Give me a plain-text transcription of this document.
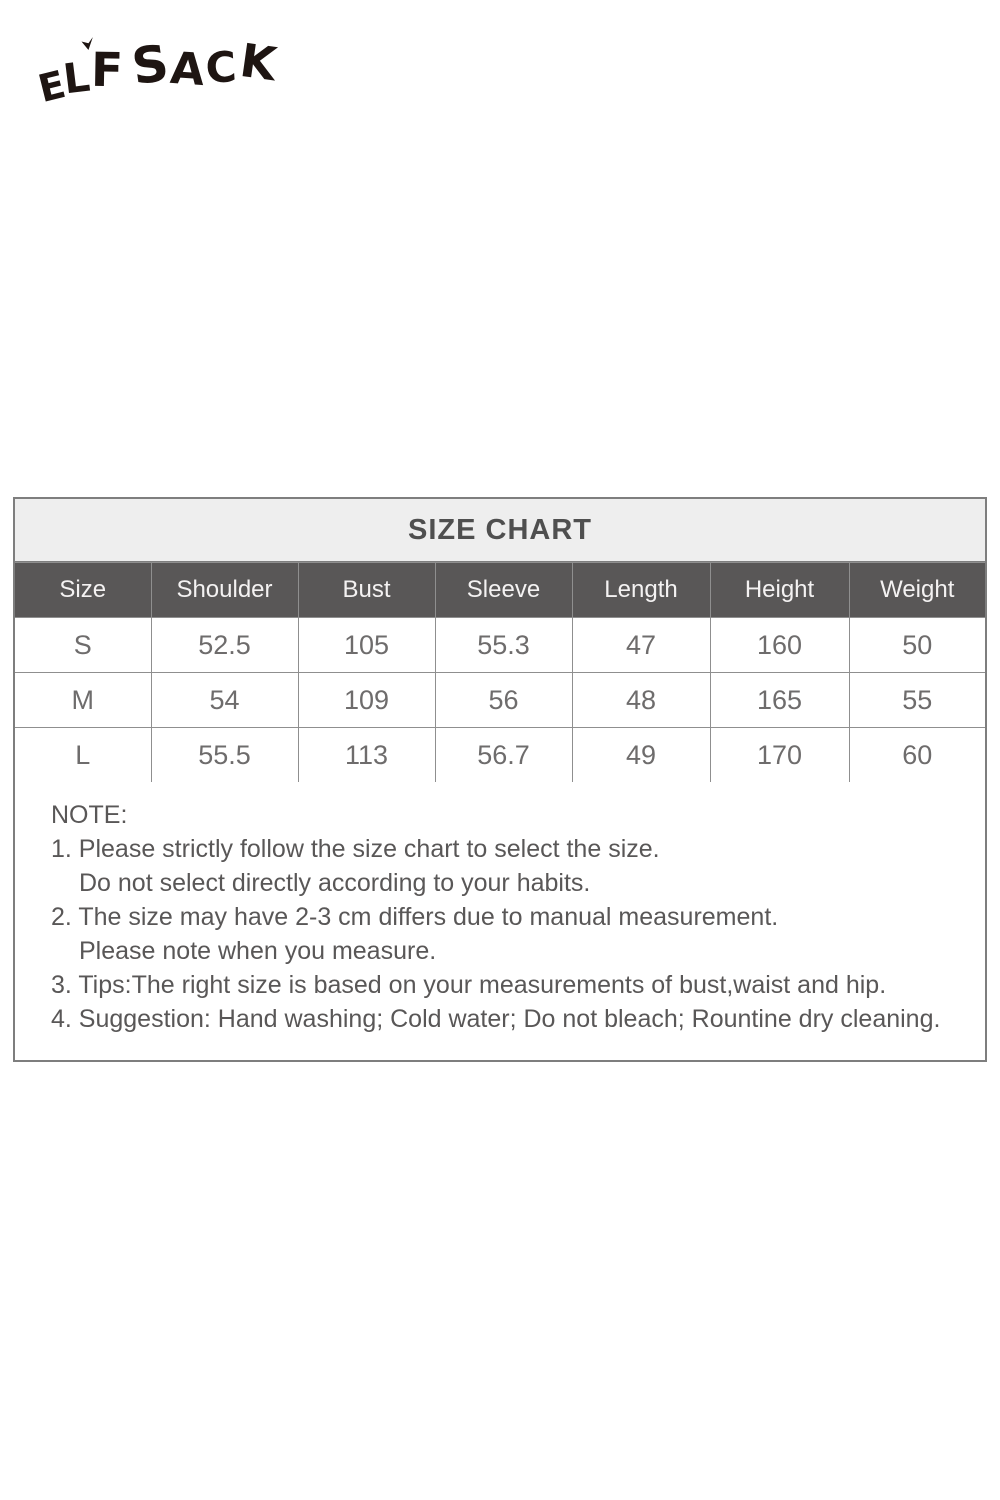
ELFSACK
SIZE CHART
Size	Shoulder	Bust	Sleeve	Length	Height	Weight
S	52.5	105	55.3	47	160	50
M	54	109	56	48	165	55
L	55.5	113	56.7	49	170	60
NOTE:
1. Please strictly follow the size chart to select the size.
Do not select directly according to your habits.
2. The size may have 2-3 cm differs due to manual measurement.
Please note when you measure.
3. Tips:The right size is based on your measurements of bust,waist and hip.
4. Suggestion: Hand washing; Cold water; Do not bleach; Rountine dry cleaning.
